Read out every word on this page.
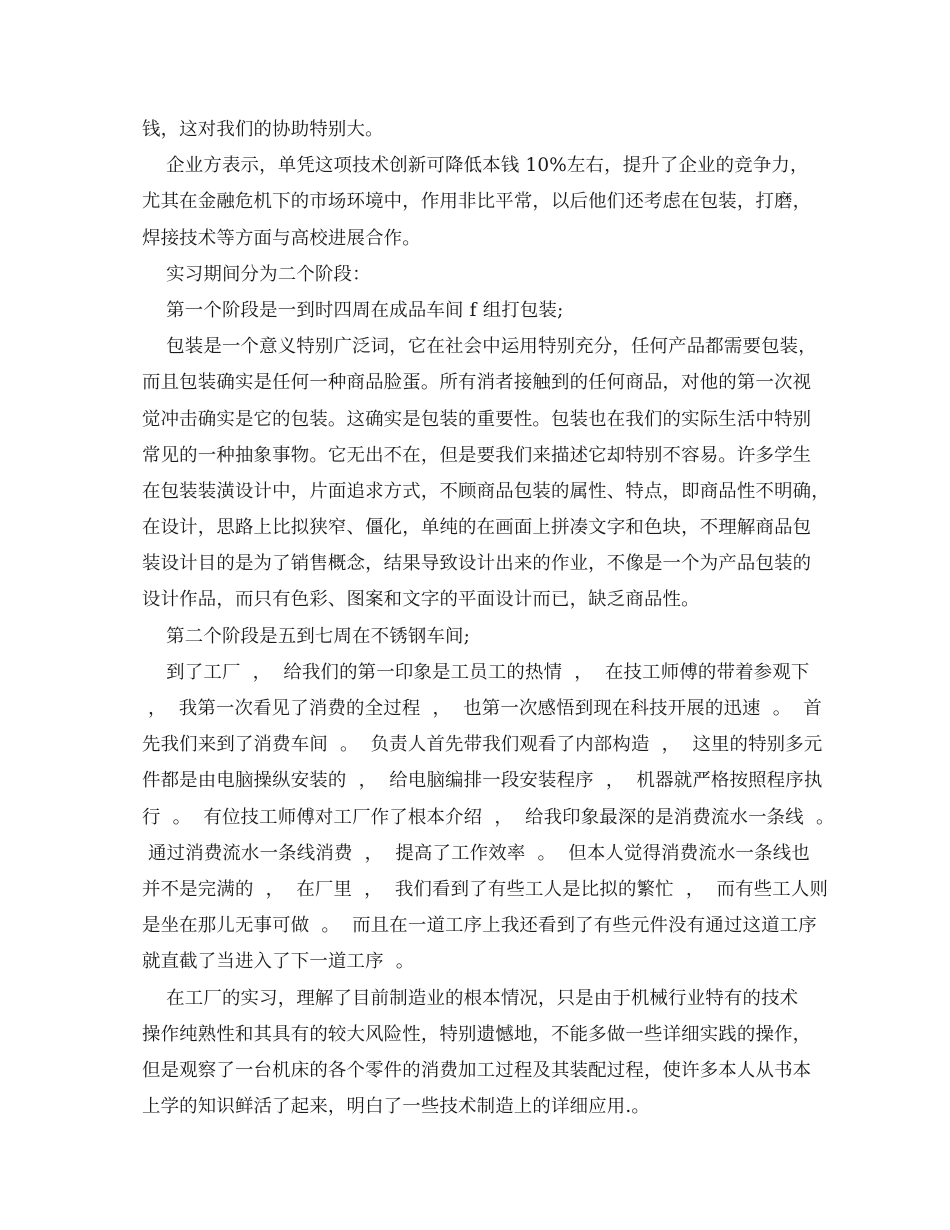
钱，这对我们的协助特别大。
企业方表示，单凭这项技术创新可降低本钱 10%左右，提升了企业的竞争力，
尤其在金融危机下的市场环境中，作用非比平常，以后他们还考虑在包装，打磨，
焊接技术等方面与高校进展合作。
实习期间分为二个阶段：
第一个阶段是一到时四周在成品车间 f 组打包装;
包装是一个意义特别广泛词，它在社会中运用特别充分，任何产品都需要包装，
而且包装确实是任何一种商品脸蛋。所有消者接触到的任何商品，对他的第一次视
觉冲击确实是它的包装。这确实是包装的重要性。包装也在我们的实际生活中特别
常见的一种抽象事物。它无出不在，但是要我们来描述它却特别不容易。许多学生
在包装装潢设计中，片面追求方式，不顾商品包装的属性、特点，即商品性不明确，
在设计，思路上比拟狭窄、僵化，单纯的在画面上拼凑文字和色块，不理解商品包
装设计目的是为了销售概念，结果导致设计出来的作业，不像是一个为产品包装的
设计作品，而只有色彩、图案和文字的平面设计而已，缺乏商品性。
第二个阶段是五到七周在不锈钢车间;
到了工厂  ，  给我们的第一印象是工员工的热情  ，  在技工师傅的带着参观下
，  我第一次看见了消费的全过程  ，  也第一次感悟到现在科技开展的迅速  。  首
先我们来到了消费车间  。  负责人首先带我们观看了内部构造  ，  这里的特别多元
件都是由电脑操纵安装的  ，  给电脑编排一段安装程序  ，  机器就严格按照程序执
行  。  有位技工师傅对工厂作了根本介绍  ，  给我印象最深的是消费流水一条线  。
通过消费流水一条线消费  ，  提高了工作效率  。  但本人觉得消费流水一条线也
并不是完满的  ，  在厂里  ，  我们看到了有些工人是比拟的繁忙  ，  而有些工人则
是坐在那儿无事可做  。  而且在一道工序上我还看到了有些元件没有通过这道工序
就直截了当进入了下一道工序  。
在工厂的实习，理解了目前制造业的根本情况，只是由于机械行业特有的技术
操作纯熟性和其具有的较大风险性，特别遗憾地，不能多做一些详细实践的操作，
但是观察了一台机床的各个零件的消费加工过程及其装配过程，使许多本人从书本
上学的知识鲜活了起来，明白了一些技术制造上的详细应用.。
